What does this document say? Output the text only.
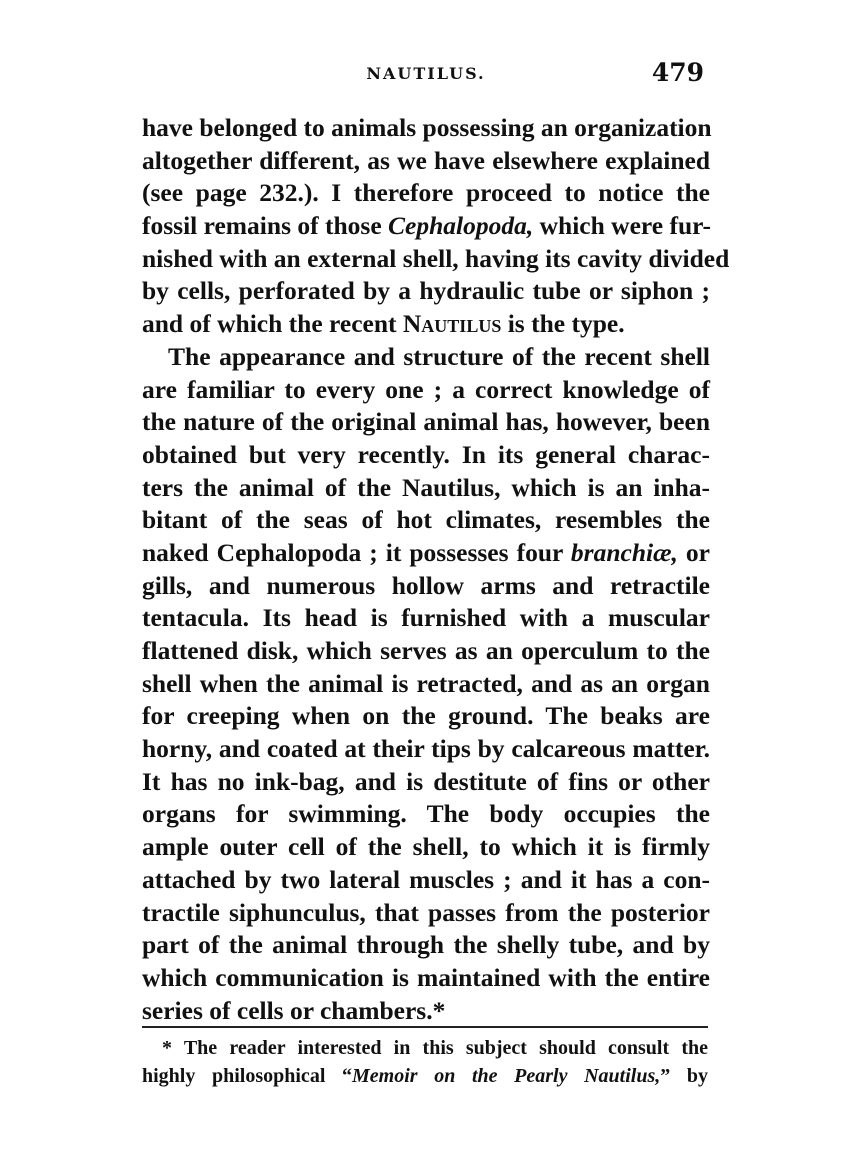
NAUTILUS.	479
have belonged to animals possessing an organization
altogether different, as we have elsewhere explained
(see page 232.). I therefore proceed to notice the
fossil remains of those Cephalopoda, which were fur-
nished with an external shell, having its cavity divided
by cells, perforated by a hydraulic tube or siphon ;
and of which the recent Nautilus is the type.
The appearance and structure of the recent shell
are familiar to every one ; a correct knowledge of
the nature of the original animal has, however, been
obtained but very recently. In its general charac-
ters the animal of the Nautilus, which is an inha-
bitant of the seas of hot climates, resembles the
naked Cephalopoda ; it possesses four branchiæ, or
gills, and numerous hollow arms and retractile
tentacula. Its head is furnished with a muscular
flattened disk, which serves as an operculum to the
shell when the animal is retracted, and as an organ
for creeping when on the ground. The beaks are
horny, and coated at their tips by calcareous matter.
It has no ink-bag, and is destitute of fins or other
organs for swimming. The body occupies the
ample outer cell of the shell, to which it is firmly
attached by two lateral muscles ; and it has a con-
tractile siphunculus, that passes from the posterior
part of the animal through the shelly tube, and by
which communication is maintained with the entire
series of cells or chambers.*
* The reader interested in this subject should consult the
highly philosophical “Memoir on the Pearly Nautilus,” by
